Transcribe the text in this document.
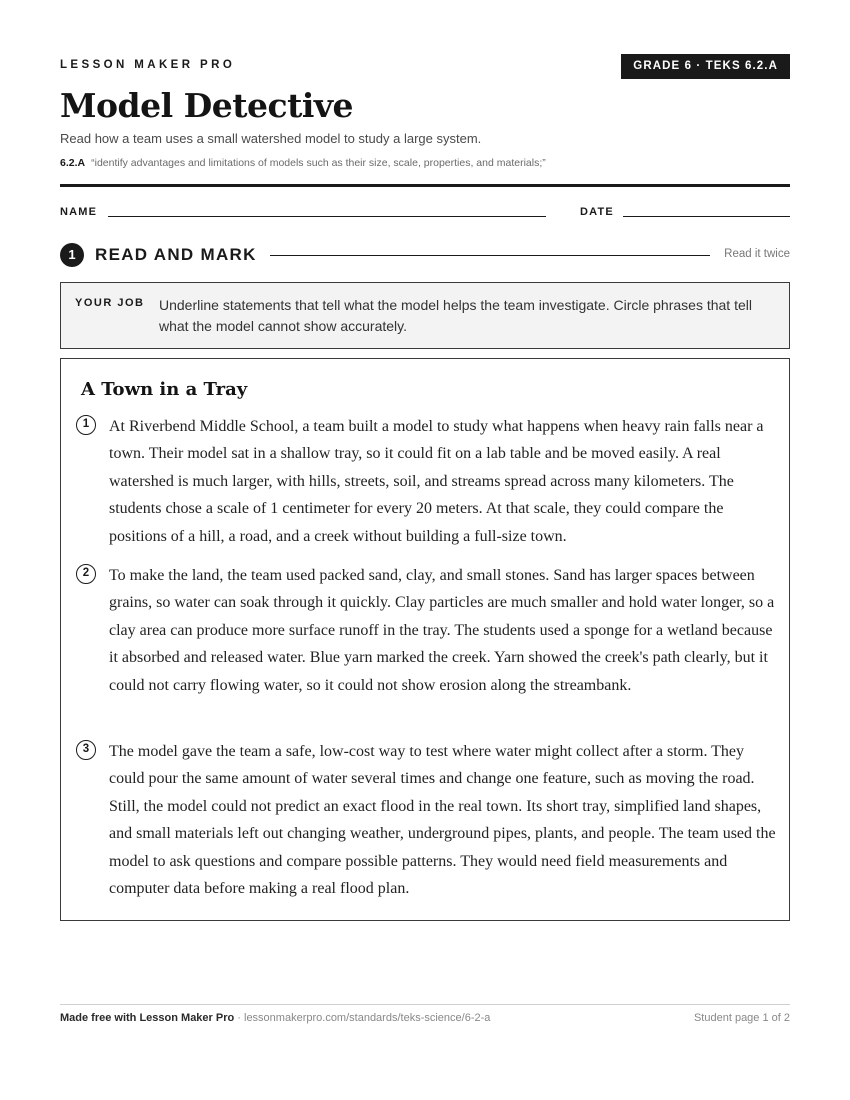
LESSON MAKER PRO	GRADE 6 · TEKS 6.2.A
Model Detective
Read how a team uses a small watershed model to study a large system.
6.2.A “identify advantages and limitations of models such as their size, scale, properties, and materials;”
NAME	DATE
1	READ AND MARK	Read it twice
YOUR JOB Underline statements that tell what the model helps the team investigate. Circle phrases that tell what the model cannot show accurately.
A Town in a Tray
1	At Riverbend Middle School, a team built a model to study what happens when heavy rain falls near a town. Their model sat in a shallow tray, so it could fit on a lab table and be moved easily. A real watershed is much larger, with hills, streets, soil, and streams spread across many kilometers. The students chose a scale of 1 centimeter for every 20 meters. At that scale, they could compare the positions of a hill, a road, and a creek without building a full-size town.
2	To make the land, the team used packed sand, clay, and small stones. Sand has larger spaces between grains, so water can soak through it quickly. Clay particles are much smaller and hold water longer, so a clay area can produce more surface runoff in the tray. The students used a sponge for a wetland because it absorbed and released water. Blue yarn marked the creek. Yarn showed the creek's path clearly, but it could not carry flowing water, so it could not show erosion along the streambank.
3	The model gave the team a safe, low-cost way to test where water might collect after a storm. They could pour the same amount of water several times and change one feature, such as moving the road. Still, the model could not predict an exact flood in the real town. Its short tray, simplified land shapes, and small materials left out changing weather, underground pipes, plants, and people. The team used the model to ask questions and compare possible patterns. They would need field measurements and computer data before making a real flood plan.
Made free with Lesson Maker Pro · lessonmakerpro.com/standards/teks-science/6-2-a	Student page 1 of 2
